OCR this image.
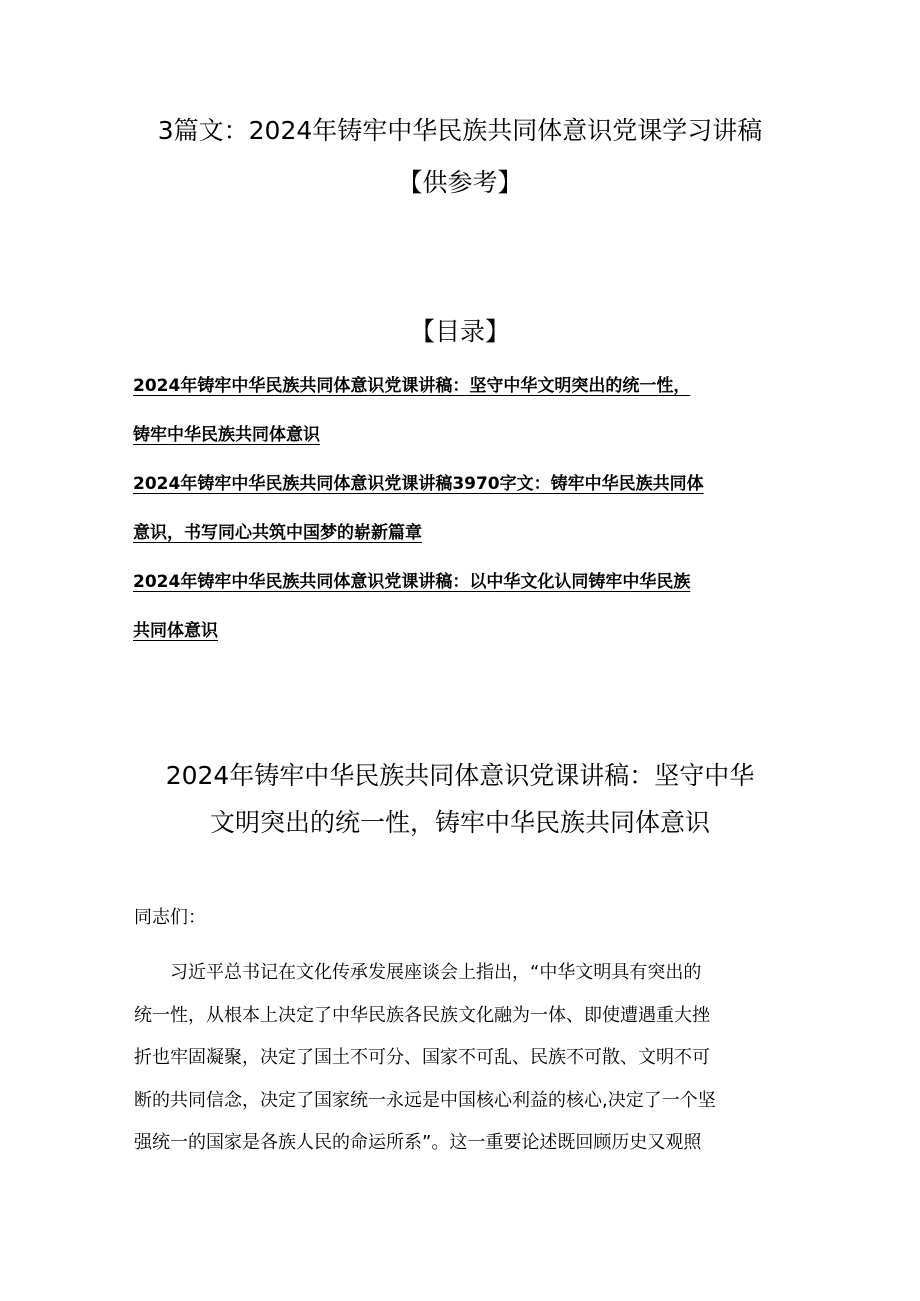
3篇文：2024年铸牢中华民族共同体意识党课学习讲稿
【供参考】
【目录】
2024年铸牢中华民族共同体意识党课讲稿：坚守中华文明突出的统一性，
铸牢中华民族共同体意识
2024年铸牢中华民族共同体意识党课讲稿3970字文：铸牢中华民族共同体
意识，书写同心共筑中国梦的崭新篇章
2024年铸牢中华民族共同体意识党课讲稿：以中华文化认同铸牢中华民族
共同体意识
2024年铸牢中华民族共同体意识党课讲稿：坚守中华
文明突出的统一性，铸牢中华民族共同体意识

同志们：

习近平总书记在文化传承发展座谈会上指出，“中华文明具有突出的
统一性，从根本上决定了中华民族各民族文化融为一体、即使遭遇重大挫
折也牢固凝聚，决定了国土不可分、国家不可乱、民族不可散、文明不可
断的共同信念，决定了国家统一永远是中国核心利益的核心,决定了一个坚
强统一的国家是各族人民的命运所系”。这一重要论述既回顾历史又观照
